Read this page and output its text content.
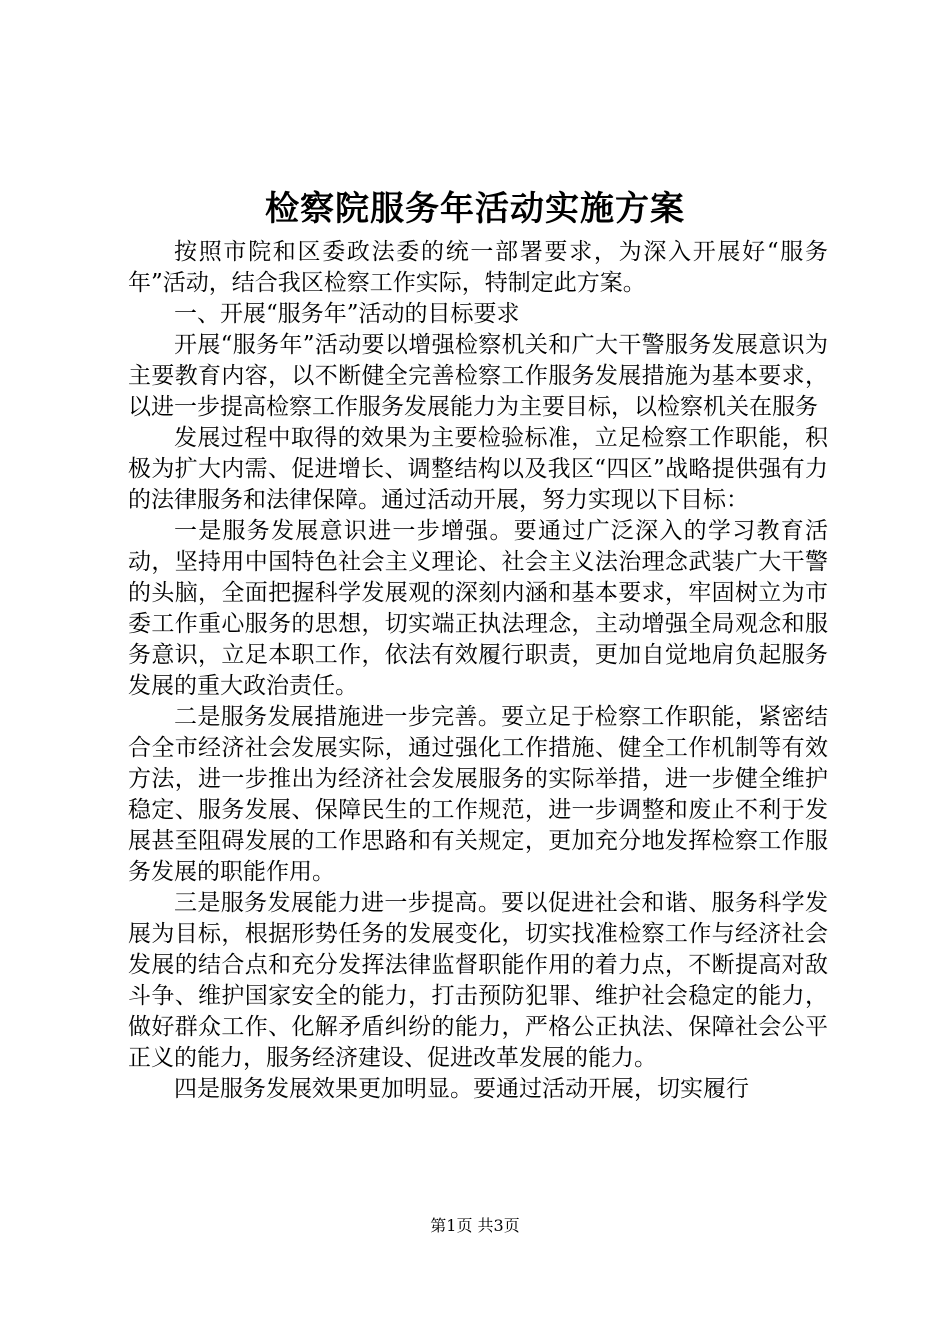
检察院服务年活动实施方案

按照市院和区委政法委的统一部署要求，为深入开展好“服务年”活动，结合我区检察工作实际，特制定此方案。

一、开展“服务年”活动的目标要求

开展“服务年”活动要以增强检察机关和广大干警服务发展意识为主要教育内容，以不断健全完善检察工作服务发展措施为基本要求，以进一步提高检察工作服务发展能力为主要目标，以检察机关在服务

发展过程中取得的效果为主要检验标准，立足检察工作职能，积极为扩大内需、促进增长、调整结构以及我区“四区”战略提供强有力的法律服务和法律保障。通过活动开展，努力实现以下目标：

一是服务发展意识进一步增强。要通过广泛深入的学习教育活动，坚持用中国特色社会主义理论、社会主义法治理念武装广大干警的头脑，全面把握科学发展观的深刻内涵和基本要求，牢固树立为市委工作重心服务的思想，切实端正执法理念，主动增强全局观念和服务意识，立足本职工作，依法有效履行职责，更加自觉地肩负起服务发展的重大政治责任。

二是服务发展措施进一步完善。要立足于检察工作职能，紧密结合全市经济社会发展实际，通过强化工作措施、健全工作机制等有效方法，进一步推出为经济社会发展服务的实际举措，进一步健全维护稳定、服务发展、保障民生的工作规范，进一步调整和废止不利于发展甚至阻碍发展的工作思路和有关规定，更加充分地发挥检察工作服务发展的职能作用。

三是服务发展能力进一步提高。要以促进社会和谐、服务科学发展为目标，根据形势任务的发展变化，切实找准检察工作与经济社会发展的结合点和充分发挥法律监督职能作用的着力点，不断提高对敌斗争、维护国家安全的能力，打击预防犯罪、维护社会稳定的能力，做好群众工作、化解矛盾纠纷的能力，严格公正执法、保障社会公平正义的能力，服务经济建设、促进改革发展的能力。

四是服务发展效果更加明显。要通过活动开展，切实履行

第1页 共3页
